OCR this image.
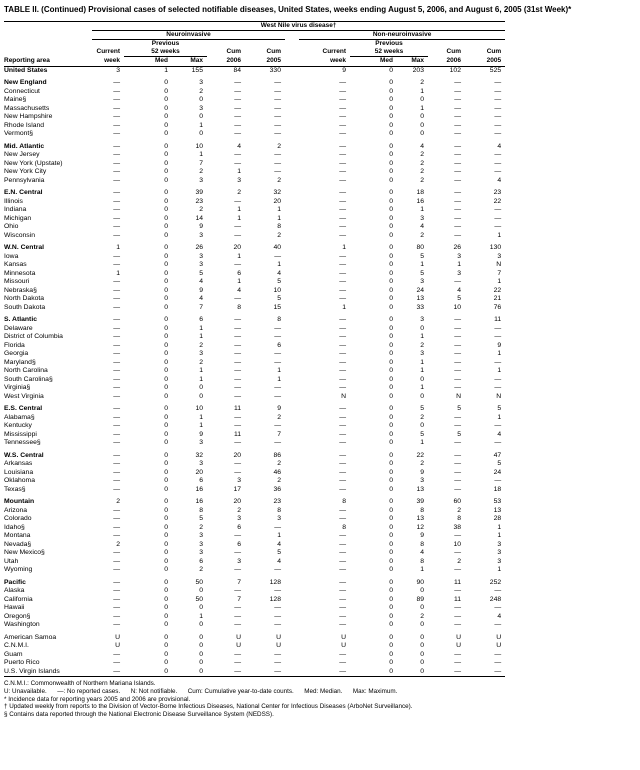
TABLE II. (Continued) Provisional cases of selected notifiable diseases, United States, weeks ending August 5, 2006, and August 6, 2005 (31st Week)*
	West Nile virus disease†										
	Neuroinvasive						Non-neuroinvasive				
		Previous						Previous			
	Current	52 weeks		Cum	Cum		Current	52 weeks		Cum	Cum
Reporting area	week	Med	Max	2006	2005		week	Med	Max	2006	2005
United States	3	1	155	84	330		9	0	203	102	525
New England	—	0	3	—	—		—	0	2	—	—
Connecticut	—	0	2	—	—		—	0	1	—	—
Maine§	—	0	0	—	—		—	0	0	—	—
Massachusetts	—	0	3	—	—		—	0	1	—	—
New Hampshire	—	0	0	—	—		—	0	0	—	—
Rhode Island	—	0	1	—	—		—	0	0	—	—
Vermont§	—	0	0	—	—		—	0	0	—	—
Mid. Atlantic	—	0	10	4	2		—	0	4	—	4
New Jersey	—	0	1	—	—		—	0	2	—	—
New York (Upstate)	—	0	7	—	—		—	0	2	—	—
New York City	—	0	2	1	—		—	0	2	—	—
Pennsylvania	—	0	3	3	2		—	0	2	—	4
E.N. Central	—	0	39	2	32		—	0	18	—	23
Illinois	—	0	23	—	20		—	0	16	—	22
Indiana	—	0	2	1	1		—	0	1	—	—
Michigan	—	0	14	1	1		—	0	3	—	—
Ohio	—	0	9	—	8		—	0	4	—	—
Wisconsin	—	0	3	—	2		—	0	2	—	1
W.N. Central	1	0	26	20	40		1	0	80	26	130
Iowa	—	0	3	1	—		—	0	5	3	3
Kansas	—	0	3	—	1		—	0	1	1	N
Minnesota	1	0	5	6	4		—	0	5	3	7
Missouri	—	0	4	1	5		—	0	3	—	1
Nebraska§	—	0	9	4	10		—	0	24	4	22
North Dakota	—	0	4	—	5		—	0	13	5	21
South Dakota	—	0	7	8	15		1	0	33	10	76
S. Atlantic	—	0	6	—	8		—	0	3	—	11
Delaware	—	0	1	—	—		—	0	0	—	—
District of Columbia	—	0	1	—	—		—	0	1	—	—
Florida	—	0	2	—	6		—	0	2	—	9
Georgia	—	0	3	—	—		—	0	3	—	1
Maryland§	—	0	2	—	—		—	0	1	—	—
North Carolina	—	0	1	—	1		—	0	1	—	1
South Carolina§	—	0	1	—	1		—	0	0	—	—
Virginia§	—	0	0	—	—		—	0	1	—	—
West Virginia	—	0	0	—	—		N	0	0	N	N
E.S. Central	—	0	10	11	9		—	0	5	5	5
Alabama§	—	0	1	—	2		—	0	2	—	1
Kentucky	—	0	1	—	—		—	0	0	—	—
Mississippi	—	0	9	11	7		—	0	5	5	4
Tennessee§	—	0	3	—	—		—	0	1	—	—
W.S. Central	—	0	32	20	86		—	0	22	—	47
Arkansas	—	0	3	—	2		—	0	2	—	5
Louisiana	—	0	20	—	46		—	0	9	—	24
Oklahoma	—	0	6	3	2		—	0	3	—	—
Texas§	—	0	16	17	36		—	0	13	—	18
Mountain	2	0	16	20	23		8	0	39	60	53
Arizona	—	0	8	2	8		—	0	8	2	13
Colorado	—	0	5	3	3		—	0	13	8	28
Idaho§	—	0	2	6	—		8	0	12	38	1
Montana	—	0	3	—	1		—	0	9	—	1
Nevada§	2	0	3	6	4		—	0	8	10	3
New Mexico§	—	0	3	—	5		—	0	4	—	3
Utah	—	0	6	3	4		—	0	8	2	3
Wyoming	—	0	2	—	—		—	0	1	—	1
Pacific	—	0	50	7	128		—	0	90	11	252
Alaska	—	0	0	—	—		—	0	0	—	—
California	—	0	50	7	128		—	0	89	11	248
Hawaii	—	0	0	—	—		—	0	0	—	—
Oregon§	—	0	1	—	—		—	0	2	—	4
Washington	—	0	0	—	—		—	0	0	—	—
American Samoa	U	0	0	U	U		U	0	0	U	U
C.N.M.I.	U	0	0	U	U		U	0	0	U	U
Guam	—	0	0	—	—		—	0	0	—	—
Puerto Rico	—	0	0	—	—		—	0	0	—	—
U.S. Virgin Islands	—	0	0	—	—		—	0	0	—	—
C.N.M.I.: Commonwealth of Northern Mariana Islands.
U: Unavailable.      —: No reported cases.      N: Not notifiable.      Cum: Cumulative year-to-date counts.      Med: Median.      Max: Maximum.
* Incidence data for reporting years 2005 and 2006 are provisional.
† Updated weekly from reports to the Division of Vector-Borne Infectious Diseases, National Center for Infectious Diseases (ArboNet Surveillance).
§ Contains data reported through the National Electronic Disease Surveillance System (NEDSS).
